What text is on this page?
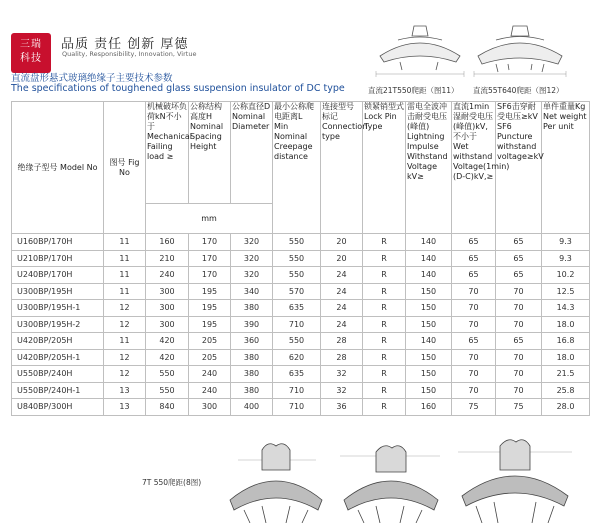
三瑞
科技
品质 责任 创新 厚德
Quality, Responsibility, Innovation, Virtue
直流盘形悬式玻璃绝缘子主要技术参数
The specifications of toughened glass suspension insulator of DC type	直流21T550爬距（图11） 直流55T640爬距（图12）
7T 550爬距(8图)
绝缘子型号 Model No	图号 Fig No	机械破坏负荷kN不小于 Mechanical Failing load ≥	公称结构高度H Nominal Spacing Height	公称直径D Nominal Diameter	最小公称爬电距离L Min Nominal Creepage distance	连接型号标记 Connection type	锁紧销型式 Lock Pin Type	雷电全波冲击耐受电压(峰值) Lightning Impulse Withstand Voltage kV≥	直流1min湿耐受电压(峰值)kV,不小于 Wet withstand Voltage(1min)(D-C)kV,≥	SF6击穿耐受电压≥kV SF6 Puncture withstand voltage≥kV	单件重量Kg Net weight Per unit
		mm									
U160BP/170H	11	160	170	320	550	20	R	140	65	65	9.3
U210BP/170H	11	210	170	320	550	20	R	140	65	65	9.3
U240BP/170H	11	240	170	320	550	24	R	140	65	65	10.2
U300BP/195H	11	300	195	340	570	24	R	150	70	70	12.5
U300BP/195H-1	12	300	195	380	635	24	R	150	70	70	14.3
U300BP/195H-2	12	300	195	390	710	24	R	150	70	70	18.0
U420BP/205H	11	420	205	360	550	28	R	140	65	65	16.8
U420BP/205H-1	12	420	205	380	620	28	R	150	70	70	18.0
U550BP/240H	12	550	240	380	635	32	R	150	70	70	21.5
U550BP/240H-1	13	550	240	380	710	32	R	150	70	70	25.8
U840BP/300H	13	840	300	400	710	36	R	160	75	75	28.0
